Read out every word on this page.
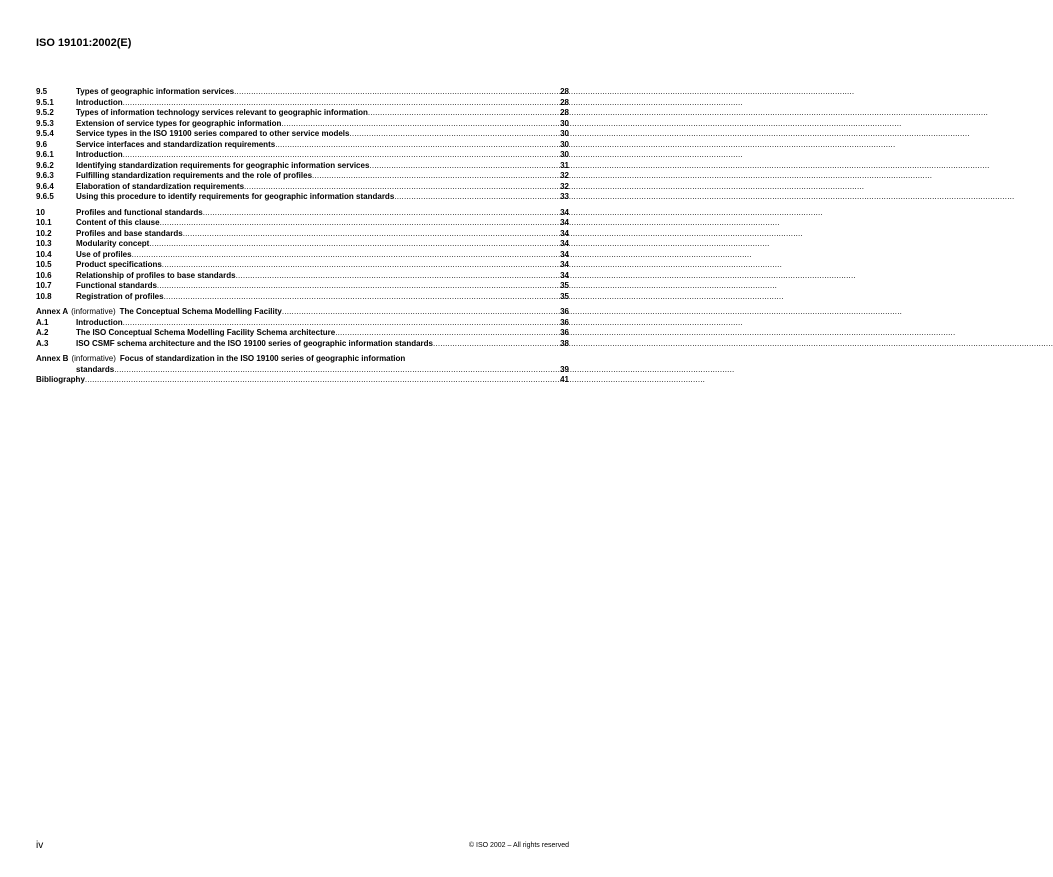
ISO 19101:2002(E)
9.5	Types of geographic information services .....	28
9.5.1	Introduction .....	28
9.5.2	Types of information technology services relevant to geographic information .....	28
9.5.3	Extension of service types for geographic information .....	30
9.5.4	Service types in the ISO 19100 series compared to other service models .....	30
9.6	Service interfaces and standardization requirements .....	30
9.6.1	Introduction .....	30
9.6.2	Identifying standardization requirements for geographic information services .....	31
9.6.3	Fulfilling standardization requirements and the role of profiles .....	32
9.6.4	Elaboration of standardization requirements .....	32
9.6.5	Using this procedure to identify requirements for geographic information standards .....	33
10	Profiles and functional standards .....	34
10.1	Content of this clause .....	34
10.2	Profiles and base standards .....	34
10.3	Modularity concept .....	34
10.4	Use of profiles .....	34
10.5	Product specifications .....	34
10.6	Relationship of profiles to base standards .....	34
10.7	Functional standards .....	35
10.8	Registration of profiles .....	35
Annex A (informative) The Conceptual Schema Modelling Facility .....	36
A.1	Introduction .....	36
A.2	The ISO Conceptual Schema Modelling Facility Schema architecture .....	36
A.3	ISO CSMF schema architecture and the ISO 19100 series of geographic information standards .....	38
Annex B (informative) Focus of standardization in the ISO 19100 series of geographic information
standards .....	39
Bibliography .....	41
iv	© ISO 2002 – All rights reserved
